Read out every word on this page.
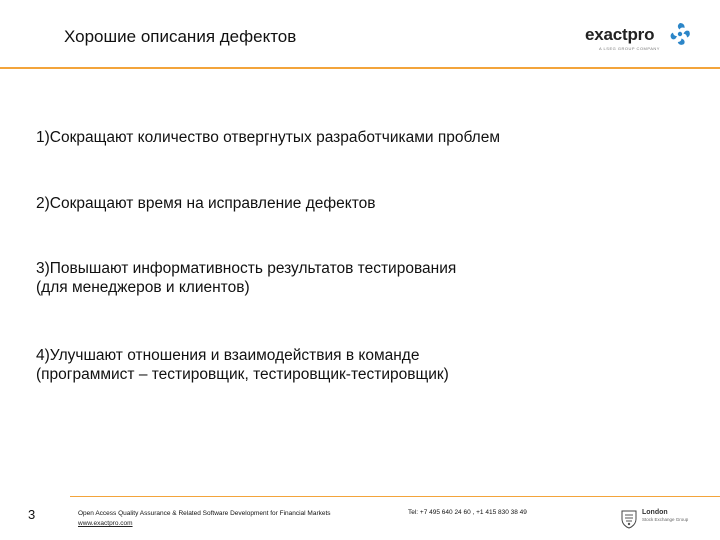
Хорошие описания дефектов	exactpro
A LSEG GROUP COMPANY
1)Сокращают количество отвергнутых разработчиками проблем
2)Сокращают время на исправление дефектов
3)Повышают информативность результатов тестирования
(для менеджеров и клиентов)
4)Улучшают отношения и взаимодействия в команде
(программист – тестировщик, тестировщик-тестировщик)
3	Open Access Quality Assurance & Related Software Development for Financial Markets
www.exactpro.com
Tel: +7 495 640 24 60 , +1 415 830 38 49	London
Stock Exchange Group
